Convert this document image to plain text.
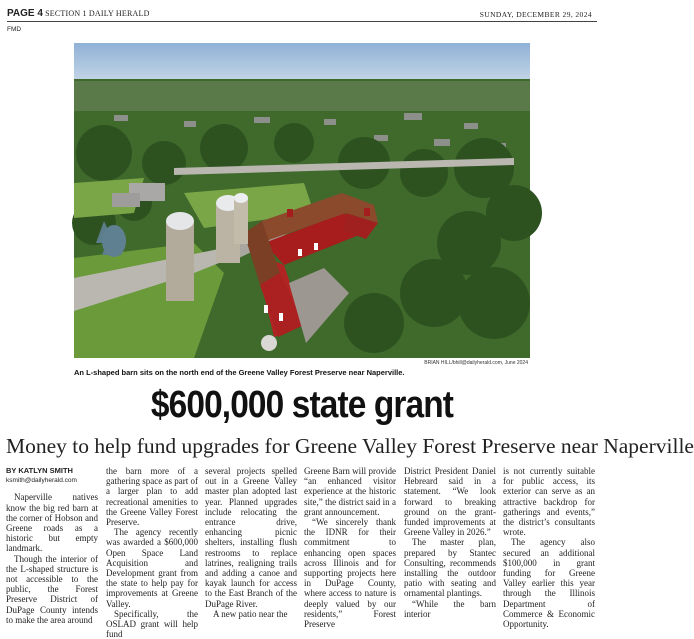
PAGE 4 SECTION 1 DAILY HERALD	SUNDAY, DECEMBER 29, 2024
FMD
BRIAN HILL/bhill@dailyherald.com, June 2024
An L-shaped barn sits on the north end of the Greene Valley Forest Preserve near Naperville.
$600,000 state grant
Money to help fund upgrades for Greene Valley Forest Preserve near Naperville

BY KATLYN SMITH

ksmith@dailyherald.com

Naperville natives know the big red barn at the corner of Hobson and Greene roads as a historic but empty landmark.

Though the interior of the L-shaped structure is not accessible to the public, the Forest Preserve District of DuPage County intends to make the area around

the barn more of a gathering space as part of a larger plan to add recreational amenities to the Greene Valley Forest Preserve.

The agency recently was awarded a $600,000 Open Space Land Acquisition and Development grant from the state to help pay for improvements at Greene Valley.

Specifically, the OSLAD grant will help fund

several projects spelled out in a Greene Valley master plan adopted last year. Planned upgrades include relocating the entrance drive, enhancing picnic shelters, installing flush restrooms to replace latrines, realigning trails and adding a canoe and kayak launch for access to the East Branch of the DuPage River.

A new patio near the

Greene Barn will provide “an enhanced visitor experience at the historic site,” the district said in a grant announcement.

“We sincerely thank the IDNR for their commitment to enhancing open spaces across Illinois and for supporting projects here in DuPage County, where access to nature is deeply valued by our residents,” Forest Preserve

District President Daniel Hebreard said in a statement. “We look forward to breaking ground on the grant-funded improvements at Greene Valley in 2026.”

The master plan, prepared by Stantec Consulting, recommends installing the outdoor patio with seating and ornamental plantings.

“While the barn interior

is not currently suitable for public access, its exterior can serve as an attractive backdrop for gatherings and events,” the district’s consultants wrote.

The agency also secured an additional $100,000 in grant funding for Greene Valley earlier this year through the Illinois Department of Commerce & Economic Opportunity.
